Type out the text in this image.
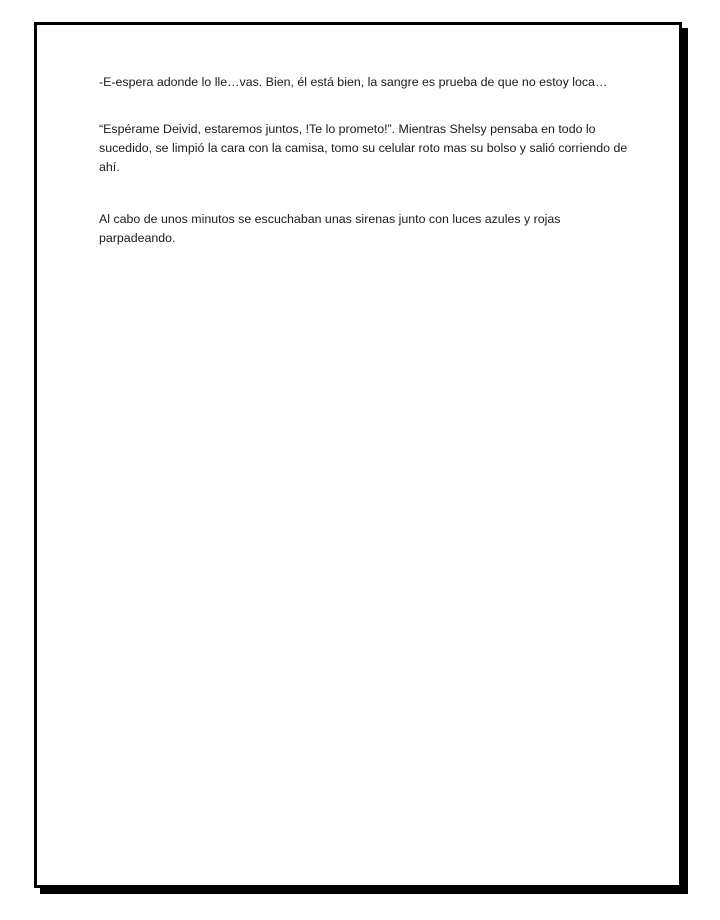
-E-espera adonde lo lle…vas. Bien, él está bien, la sangre es prueba de que no estoy loca…

“Espérame Deivid, estaremos juntos, !Te lo prometo!”. Mientras Shelsy pensaba en todo lo sucedido, se limpió la cara con la camisa, tomo su celular roto mas su bolso y salió corriendo de ahí.

Al cabo de unos minutos se escuchaban unas sirenas junto con luces azules y rojas parpadeando.
